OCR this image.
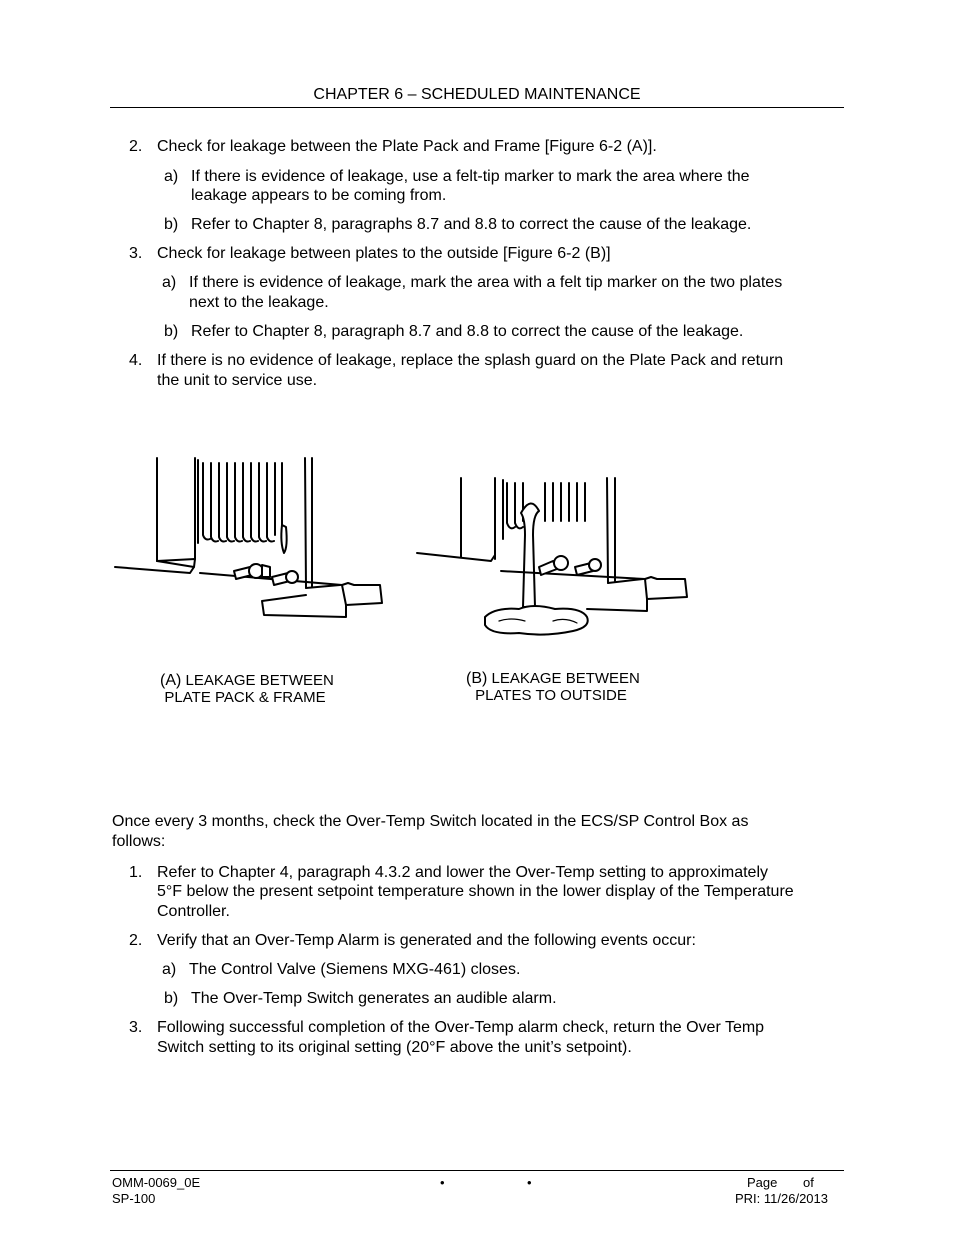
CHAPTER 6 – SCHEDULED MAINTENANCE
2. Check for leakage between the Plate Pack and Frame [Figure 6-2 (A)].
a) If there is evidence of leakage, use a felt-tip marker to mark the area where the
leakage appears to be coming from.
b) Refer to Chapter 8, paragraphs 8.7 and 8.8 to correct the cause of the leakage.
3. Check for leakage between plates to the outside [Figure 6-2 (B)]
a) If there is evidence of leakage, mark the area with a felt tip marker on the two plates
next to the leakage.
b) Refer to Chapter 8, paragraph 8.7 and 8.8 to correct the cause of the leakage.
4. If there is no evidence of leakage, replace the splash guard on the Plate Pack and return
the unit to service use.
(A) LEAKAGE BETWEEN
PLATE PACK & FRAME
(B) LEAKAGE BETWEEN
PLATES TO OUTSIDE
Once every 3 months, check the Over-Temp Switch located in the ECS/SP Control Box as
follows:
1. Refer to Chapter 4, paragraph 4.3.2 and lower the Over-Temp setting to approximately
5°F below the present setpoint temperature shown in the lower display of the Temperature
Controller.
2. Verify that an Over-Temp Alarm is generated and the following events occur:
a) The Control Valve (Siemens MXG-461) closes.
b) The Over-Temp Switch generates an audible alarm.
3. Following successful completion of the Over-Temp alarm check, return the Over Temp
Switch setting to its original setting (20°F above the unit’s setpoint).
OMM-0069_0E
SP-100
•	•	Page of
PRI: 11/26/2013
